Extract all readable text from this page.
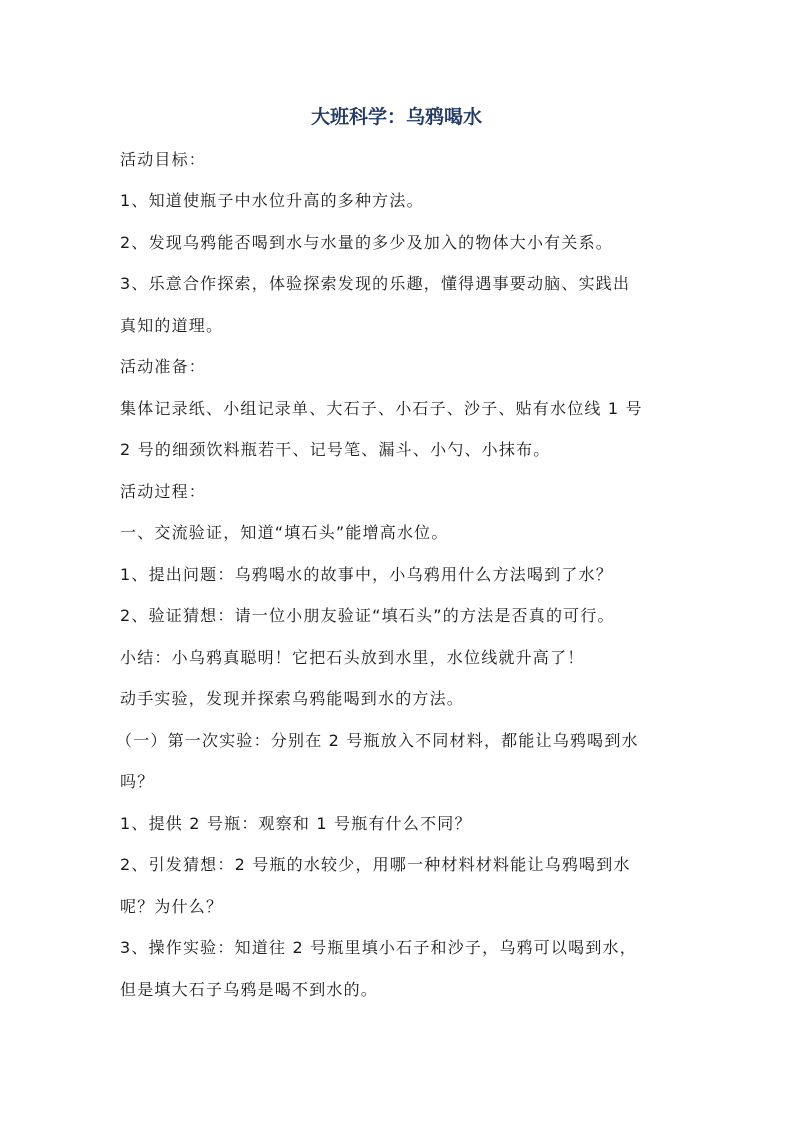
大班科学：乌鸦喝水
活动目标：
1、知道使瓶子中水位升高的多种方法。
2、发现乌鸦能否喝到水与水量的多少及加入的物体大小有关系。
3、乐意合作探索，体验探索发现的乐趣，懂得遇事要动脑、实践出
真知的道理。
活动准备：
集体记录纸、小组记录单、大石子、小石子、沙子、贴有水位线 1 号
2 号的细颈饮料瓶若干、记号笔、漏斗、小勺、小抹布。
活动过程：
一、交流验证，知道“填石头”能增高水位。
1、提出问题：乌鸦喝水的故事中，小乌鸦用什么方法喝到了水？
2、验证猜想：请一位小朋友验证“填石头”的方法是否真的可行。
小结：小乌鸦真聪明！它把石头放到水里，水位线就升高了！
动手实验，发现并探索乌鸦能喝到水的方法。
（一）第一次实验：分别在 2 号瓶放入不同材料，都能让乌鸦喝到水
吗？
1、提供 2 号瓶：观察和 1 号瓶有什么不同？
2、引发猜想：2 号瓶的水较少，用哪一种材料材料能让乌鸦喝到水
呢？为什么？
3、操作实验：知道往 2 号瓶里填小石子和沙子，乌鸦可以喝到水，
但是填大石子乌鸦是喝不到水的。
